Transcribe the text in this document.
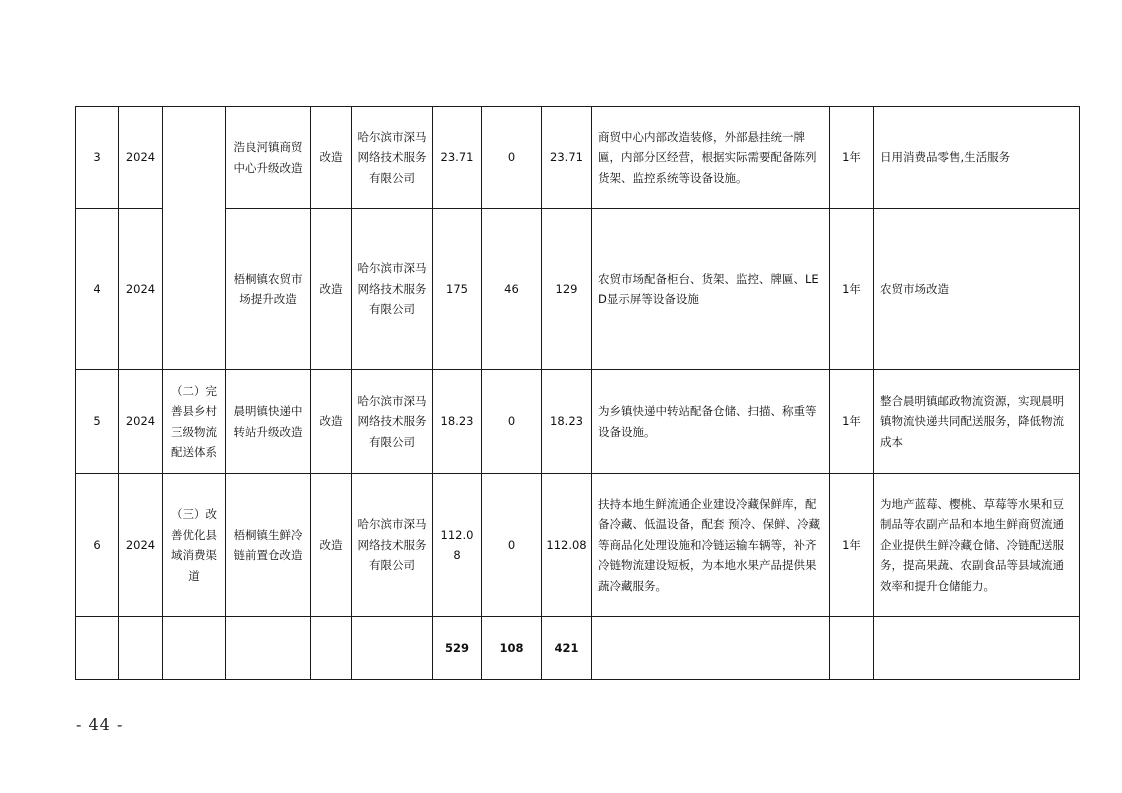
3	2024		浩良河镇商贸中心升级改造	改造	哈尔滨市深马网络技术服务有限公司	23.71	0	23.71	商贸中心内部改造装修，外部悬挂统一牌匾，内部分区经营，根据实际需要配备陈列货架、监控系统等设备设施。	1年	日用消费品零售,生活服务
4	2024		梧桐镇农贸市场提升改造	改造	哈尔滨市深马网络技术服务有限公司	175	46	129	农贸市场配备柜台、货架、监控、牌匾、LED显示屏等设备设施	1年	农贸市场改造
5	2024	（二）完善县乡村三级物流配送体系	晨明镇快递中转站升级改造	改造	哈尔滨市深马网络技术服务有限公司	18.23	0	18.23	为乡镇快递中转站配备仓储、扫描、称重等设备设施。	1年	整合晨明镇邮政物流资源，实现晨明镇物流快递共同配送服务，降低物流成本
6	2024	（三）改善优化县域消费渠道	梧桐镇生鲜冷链前置仓改造	改造	哈尔滨市深马网络技术服务有限公司	112.08	0	112.08	扶持本地生鲜流通企业建设冷藏保鲜库，配备冷藏、低温设备，配套 预冷、保鲜、冷藏等商品化处理设施和冷链运输车辆等，补齐冷链物流建设短板，为本地水果产品提供果蔬冷藏服务。	1年	为地产蓝莓、樱桃、草莓等水果和豆制品等农副产品和本地生鲜商贸流通企业提供生鲜冷藏仓储、冷链配送服务，提高果蔬、农副食品等县域流通效率和提升仓储能力。
						529	108	421			
- 44 -
